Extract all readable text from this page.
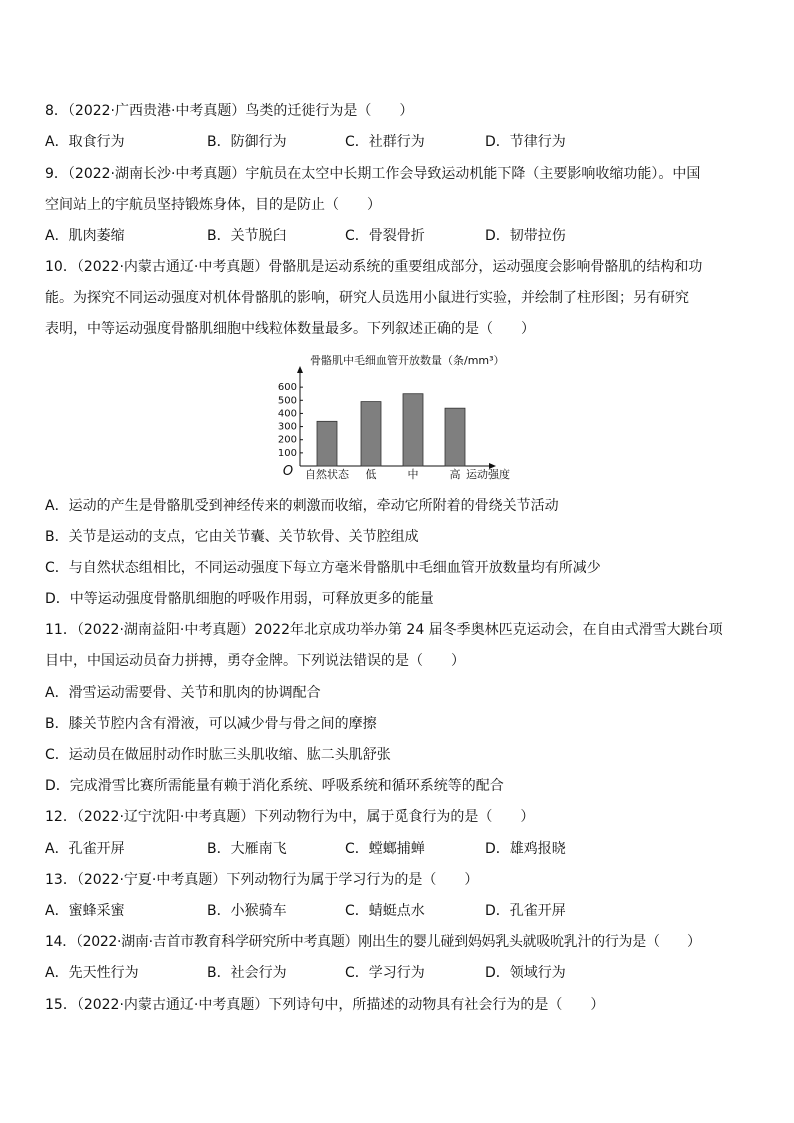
8．（2022·广西贵港·中考真题）鸟类的迁徙行为是（　　）
A．取食行为	B．防御行为	C．社群行为	D．节律行为
9．（2022·湖南长沙·中考真题）宇航员在太空中长期工作会导致运动机能下降（主要影响收缩功能）。中国
空间站上的宇航员坚持锻炼身体，目的是防止（　　）
A．肌肉萎缩	B．关节脱臼	C．骨裂骨折	D．韧带拉伤
10．（2022·内蒙古通辽·中考真题）骨骼肌是运动系统的重要组成部分，运动强度会影响骨骼肌的结构和功
能。为探究不同运动强度对机体骨骼肌的影响，研究人员选用小鼠进行实验，并绘制了柱形图；另有研究
表明，中等运动强度骨骼肌细胞中线粒体数量最多。下列叙述正确的是（　　）
骨骼肌中毛细血管开放数量（条/mm³）
100
200
300
400
500
600
O 自然状态 低	中	高 运动强度
A．运动的产生是骨骼肌受到神经传来的刺激而收缩，牵动它所附着的骨绕关节活动
B．关节是运动的支点，它由关节囊、关节软骨、关节腔组成
C．与自然状态组相比，不同运动强度下每立方毫米骨骼肌中毛细血管开放数量均有所减少
D．中等运动强度骨骼肌细胞的呼吸作用弱，可释放更多的能量
11．（2022·湖南益阳·中考真题）2022年北京成功举办第 24 届冬季奥林匹克运动会，在自由式滑雪大跳台项
目中，中国运动员奋力拼搏，勇夺金牌。下列说法错误的是（　　）
A．滑雪运动需要骨、关节和肌肉的协调配合
B．膝关节腔内含有滑液，可以减少骨与骨之间的摩擦
C．运动员在做屈肘动作时肱三头肌收缩、肱二头肌舒张
D．完成滑雪比赛所需能量有赖于消化系统、呼吸系统和循环系统等的配合
12．（2022·辽宁沈阳·中考真题）下列动物行为中，属于觅食行为的是（　　）
A．孔雀开屏	B．大雁南飞	C．螳螂捕蝉	D．雄鸡报晓
13．（2022·宁夏·中考真题）下列动物行为属于学习行为的是（　　）
A．蜜蜂采蜜	B．小猴骑车	C．蜻蜓点水	D．孔雀开屏
14．（2022·湖南·吉首市教育科学研究所中考真题）刚出生的婴儿碰到妈妈乳头就吸吮乳汁的行为是（　　）
A．先天性行为	B．社会行为	C．学习行为	D．领域行为
15．（2022·内蒙古通辽·中考真题）下列诗句中，所描述的动物具有社会行为的是（　　）
